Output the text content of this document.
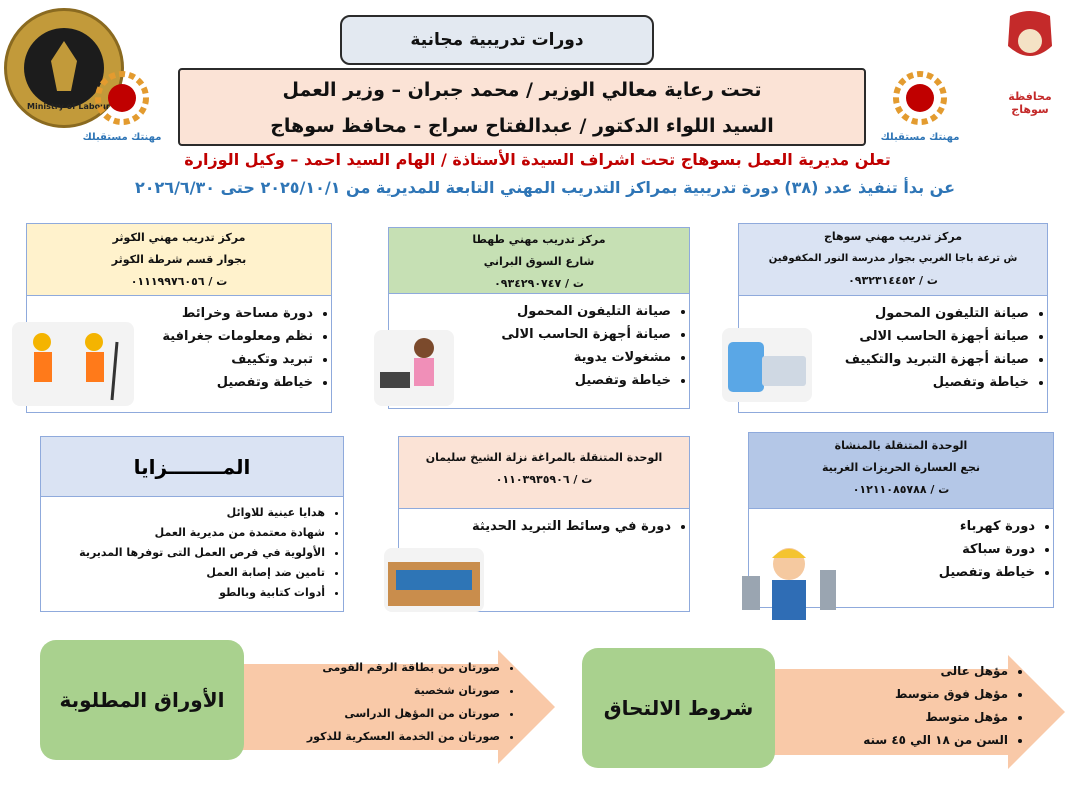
Ministry of Labour
محافظة سوهاج
مهنتك مستقبلك	مهنتك مستقبلك
دورات تدريبية مجانية
تحت رعاية معالي الوزير / محمد جبران – وزير العمل
السيد اللواء الدكتور / عبدالفتاح سراج - محافظ سوهاج
تعلن مديرية العمل بسوهاج تحت اشراف السيدة الأستاذة / الهام السيد احمد – وكيل الوزارة
عن بدأ تنفيذ عدد (٣٨) دورة تدريبية بمراكز التدريب المهني التابعة للمديرية من ٢٠٢٥/١٠/١ حتى ٢٠٢٦/٦/٣٠
مركز تدريب مهني سوهاج
ش ترعة باجا الغربي بجوار مدرسة النور المكفوفين
ت / ٠٩٣٢٣١٤٤٥٢
• صيانة التليفون المحمول
• صيانة أجهزة الحاسب الالى
• صيانة أجهزة التبريد والتكييف
• خياطة وتفصيل
مركز تدريب مهني طهطا
شارع السوق البراني
ت / ٠٩٣٤٢٩٠٧٤٧
• صيانة التليفون المحمول
• صيانة أجهزة الحاسب الالى
• مشغولات يدوية
• خياطة وتفصيل
مركز تدريب مهني الكوثر
بجوار قسم شرطة الكوثر
ت / ٠١١١٩٩٧٦٠٥٦
• دورة مساحة وخرائط
• نظم ومعلومات جغرافية
• تبريد وتكييف
• خياطة وتفصيل
الوحدة المتنقلة بالمنشاة
نجع العسارة الحريزات الغربية
ت / ٠١٢١١٠٨٥٧٨٨
• دورة كهرباء
• دورة سباكة
• خياطة وتفصيل
الوحدة المتنقلة بالمراغة نزلة الشيخ سليمان
ت / ٠١١٠٣٩٣٥٩٠٦
• دورة في وسائط التبريد الحديثة
المــــــــزايا
• هدايا عينية للاوائل
• شهادة معتمدة من مديرية العمل
• الأولوية في فرص العمل التى توفرها المديرية
• تامين ضد إصابة العمل
• أدوات كتابية وبالطو
• مؤهل عالى
• مؤهل فوق متوسط
• مؤهل متوسط
• السن من ١٨ الي ٤٥ سنه
شروط الالتحاق
• صورتان من بطاقة الرقم القومى
• صورتان شخصية
• صورتان من المؤهل الدراسى
• صورتان من الخدمة العسكرية للذكور
الأوراق المطلوبة
